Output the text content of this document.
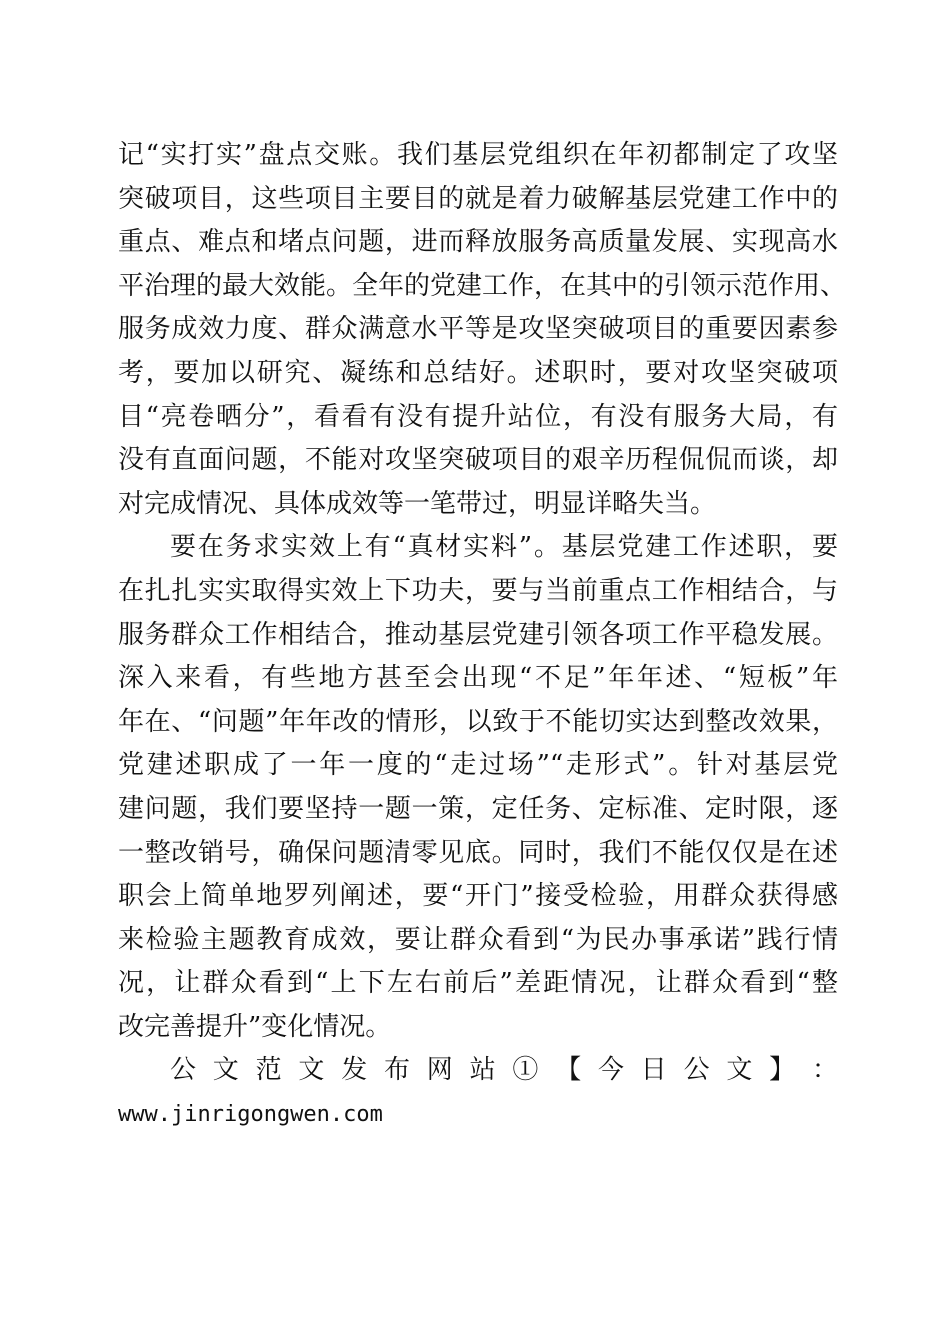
记“实打实”盘点交账。我们基层党组织在年初都制定了攻坚
突破项目，这些项目主要目的就是着力破解基层党建工作中的
重点、难点和堵点问题，进而释放服务高质量发展、实现高水
平治理的最大效能。全年的党建工作，在其中的引领示范作用、
服务成效力度、群众满意水平等是攻坚突破项目的重要因素参
考，要加以研究、凝练和总结好。述职时，要对攻坚突破项
目“亮卷晒分”，看看有没有提升站位，有没有服务大局，有
没有直面问题，不能对攻坚突破项目的艰辛历程侃侃而谈，却
对完成情况、具体成效等一笔带过，明显详略失当。
要在务求实效上有“真材实料”。基层党建工作述职，要
在扎扎实实取得实效上下功夫，要与当前重点工作相结合，与
服务群众工作相结合，推动基层党建引领各项工作平稳发展。
深入来看，有些地方甚至会出现“不足”年年述、“短板”年
年在、“问题”年年改的情形，以致于不能切实达到整改效果，
党建述职成了一年一度的“走过场”“走形式”。针对基层党
建问题，我们要坚持一题一策，定任务、定标准、定时限，逐
一整改销号，确保问题清零见底。同时，我们不能仅仅是在述
职会上简单地罗列阐述，要“开门”接受检验，用群众获得感
来检验主题教育成效，要让群众看到“为民办事承诺”践行情
况，让群众看到“上下左右前后”差距情况，让群众看到“整
改完善提升”变化情况。
公 文 范 文 发 布 网 站 ① 【 今 日 公 文 】 ：
www.jinrigongwen.com
